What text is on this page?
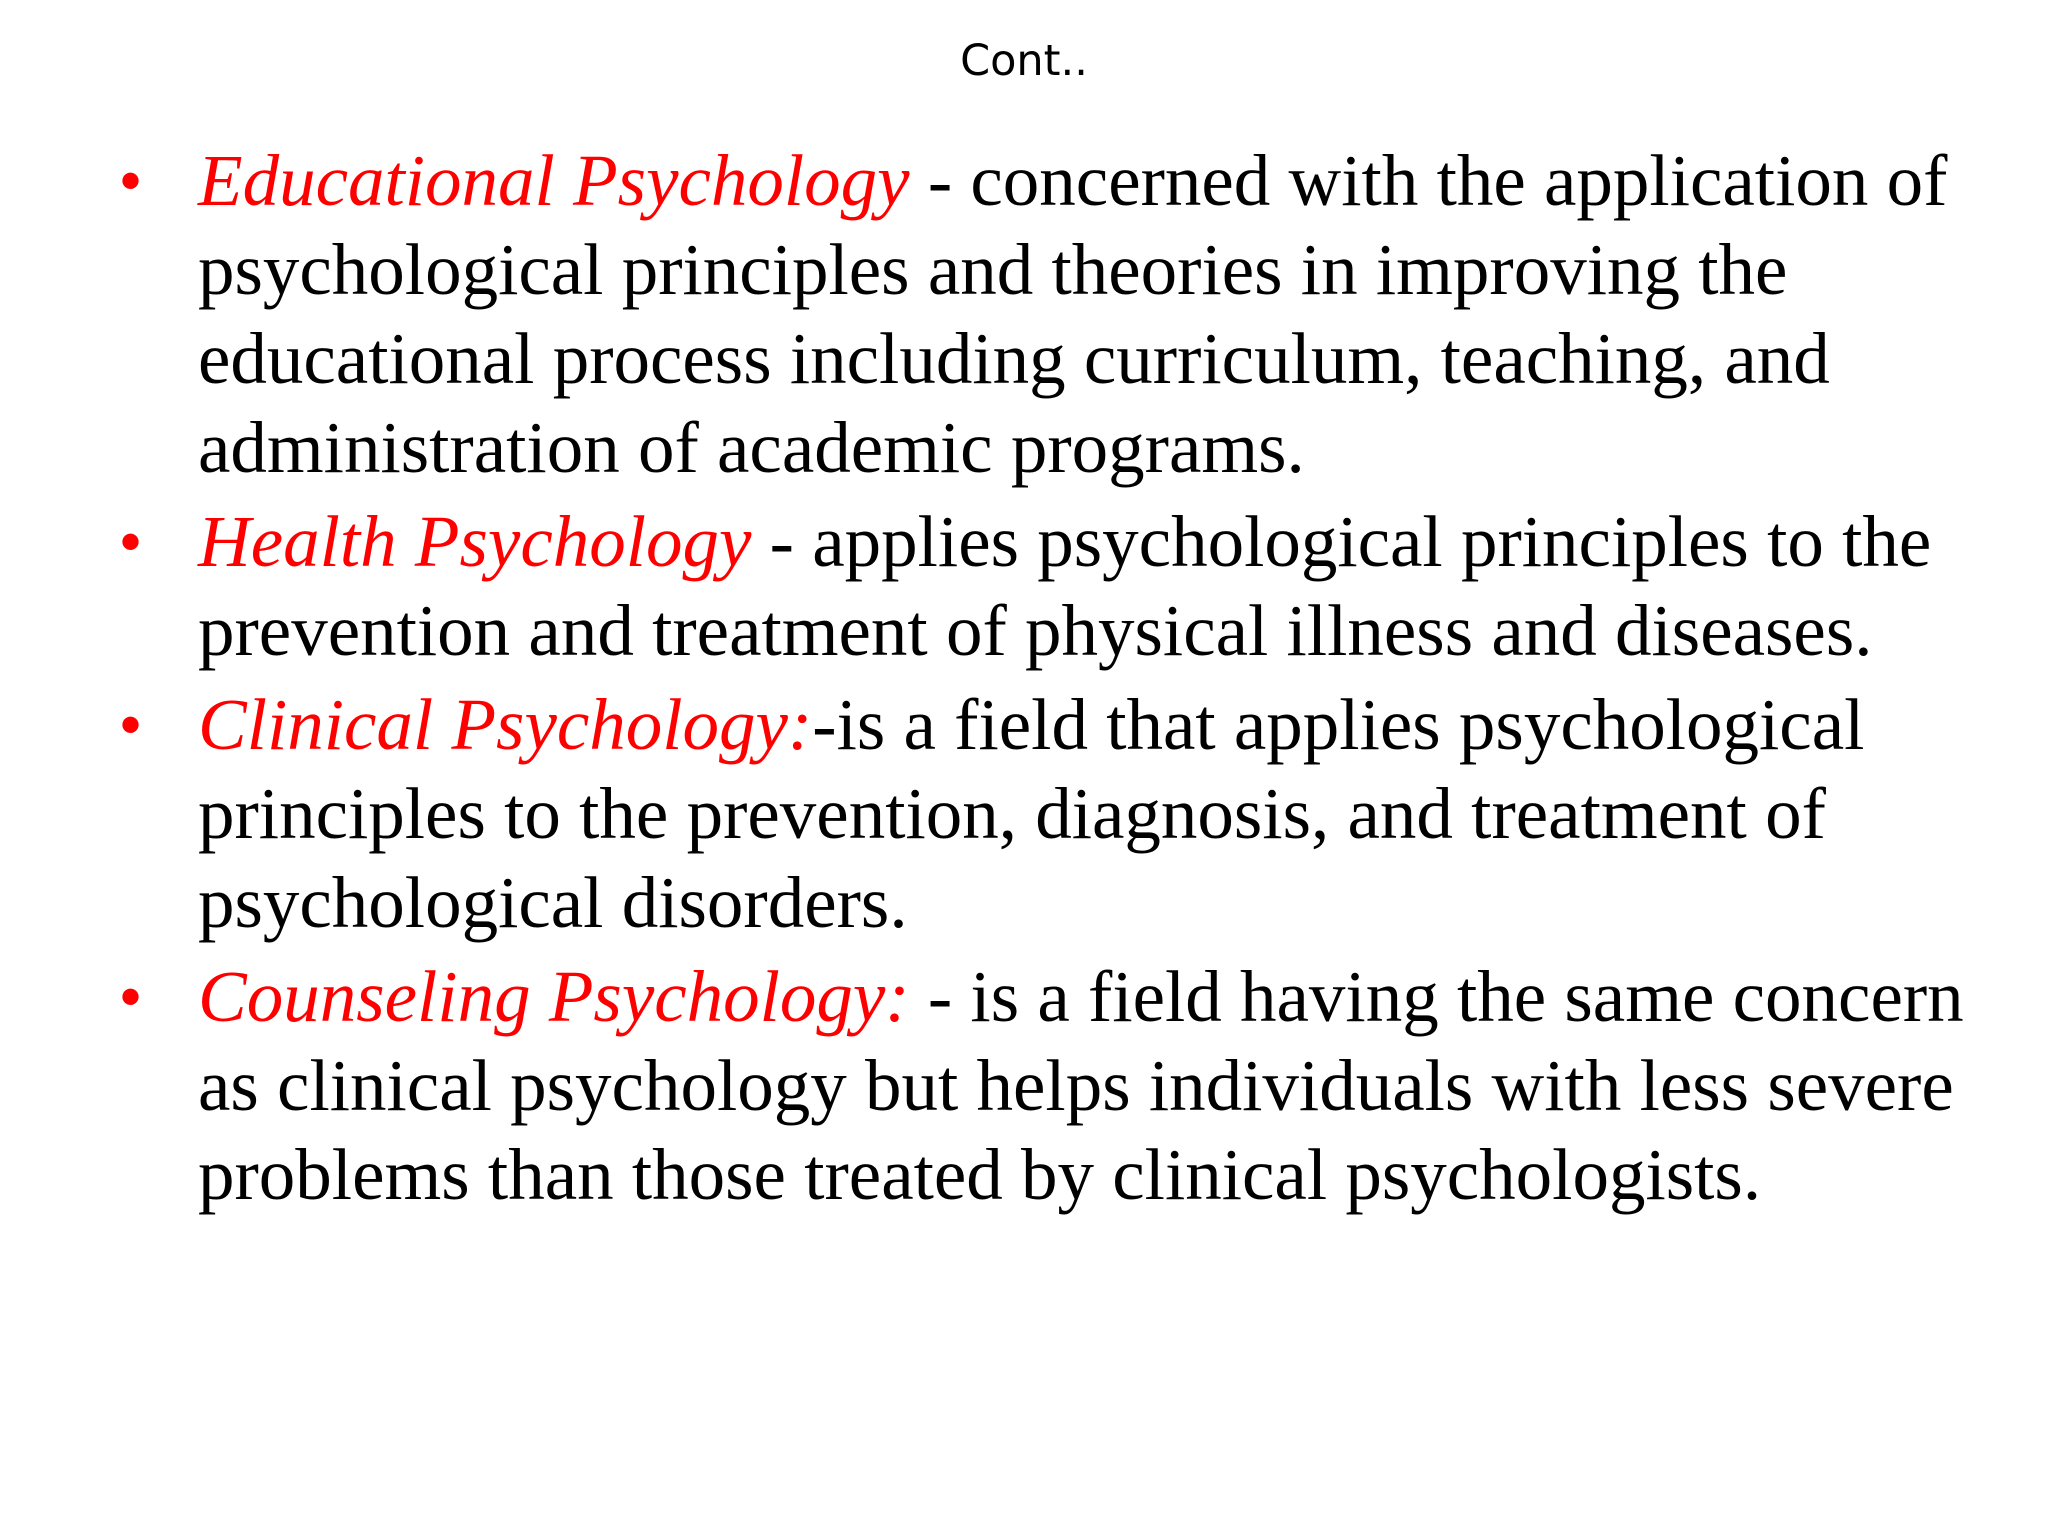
Cont..
• Educational Psychology - concerned with the application of psychological principles and theories in improving the educational process including curriculum, teaching, and administration of academic programs.
• Health Psychology - applies psychological principles to the prevention and treatment of physical illness and diseases.
• Clinical Psychology:-is a field that applies psychological principles to the prevention, diagnosis, and treatment of psychological disorders.
• Counseling Psychology: - is a field having the same concern as clinical psychology but helps individuals with less severe problems than those treated by clinical psychologists.
